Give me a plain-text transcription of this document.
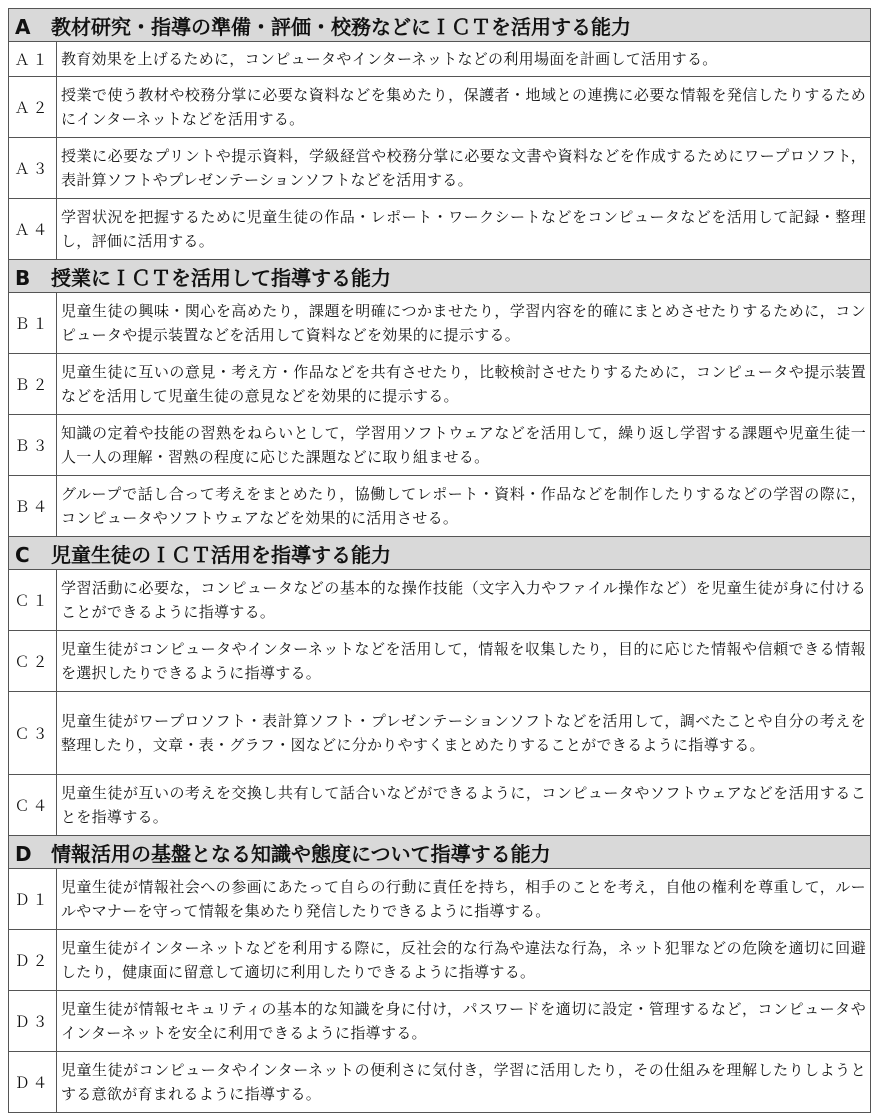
A 教材研究・指導の準備・評価・校務などにＩＣＴを活用する能力	
Ａ１	教育効果を上げるために，コンピュータやインターネットなどの利用場面を計画して活用する。
Ａ２	授業で使う教材や校務分掌に必要な資料などを集めたり，保護者・地域との連携に必要な情報を発信したりするためにインターネットなどを活用する。
Ａ３	授業に必要なプリントや提示資料，学級経営や校務分掌に必要な文書や資料などを作成するためにワープロソフト，表計算ソフトやプレゼンテーションソフトなどを活用する。
Ａ４	学習状況を把握するために児童生徒の作品・レポート・ワークシートなどをコンピュータなどを活用して記録・整理し，評価に活用する。
B 授業にＩＣＴを活用して指導する能力	
Ｂ１	児童生徒の興味・関心を高めたり，課題を明確につかませたり，学習内容を的確にまとめさせたりするために，コンピュータや提示装置などを活用して資料などを効果的に提示する。
Ｂ２	児童生徒に互いの意見・考え方・作品などを共有させたり，比較検討させたりするために，コンピュータや提示装置などを活用して児童生徒の意見などを効果的に提示する。
Ｂ３	知識の定着や技能の習熟をねらいとして，学習用ソフトウェアなどを活用して，繰り返し学習する課題や児童生徒一人一人の理解・習熟の程度に応じた課題などに取り組ませる。
Ｂ４	グループで話し合って考えをまとめたり，協働してレポート・資料・作品などを制作したりするなどの学習の際に，コンピュータやソフトウェアなどを効果的に活用させる。
C 児童生徒のＩＣＴ活用を指導する能力	
Ｃ１	学習活動に必要な，コンピュータなどの基本的な操作技能（文字入力やファイル操作など）を児童生徒が身に付けることができるように指導する。
Ｃ２	児童生徒がコンピュータやインターネットなどを活用して，情報を収集したり，目的に応じた情報や信頼できる情報を選択したりできるように指導する。
Ｃ３	児童生徒がワープロソフト・表計算ソフト・プレゼンテーションソフトなどを活用して，調べたことや自分の考えを整理したり，文章・表・グラフ・図などに分かりやすくまとめたりすることができるように指導する。
Ｃ４	児童生徒が互いの考えを交換し共有して話合いなどができるように，コンピュータやソフトウェアなどを活用することを指導する。
D 情報活用の基盤となる知識や態度について指導する能力	
Ｄ１	児童生徒が情報社会への参画にあたって自らの行動に責任を持ち，相手のことを考え，自他の権利を尊重して，ルールやマナーを守って情報を集めたり発信したりできるように指導する。
Ｄ２	児童生徒がインターネットなどを利用する際に，反社会的な行為や違法な行為，ネット犯罪などの危険を適切に回避したり，健康面に留意して適切に利用したりできるように指導する。
Ｄ３	児童生徒が情報セキュリティの基本的な知識を身に付け，パスワードを適切に設定・管理するなど，コンピュータやインターネットを安全に利用できるように指導する。
Ｄ４	児童生徒がコンピュータやインターネットの便利さに気付き，学習に活用したり，その仕組みを理解したりしようとする意欲が育まれるように指導する。
